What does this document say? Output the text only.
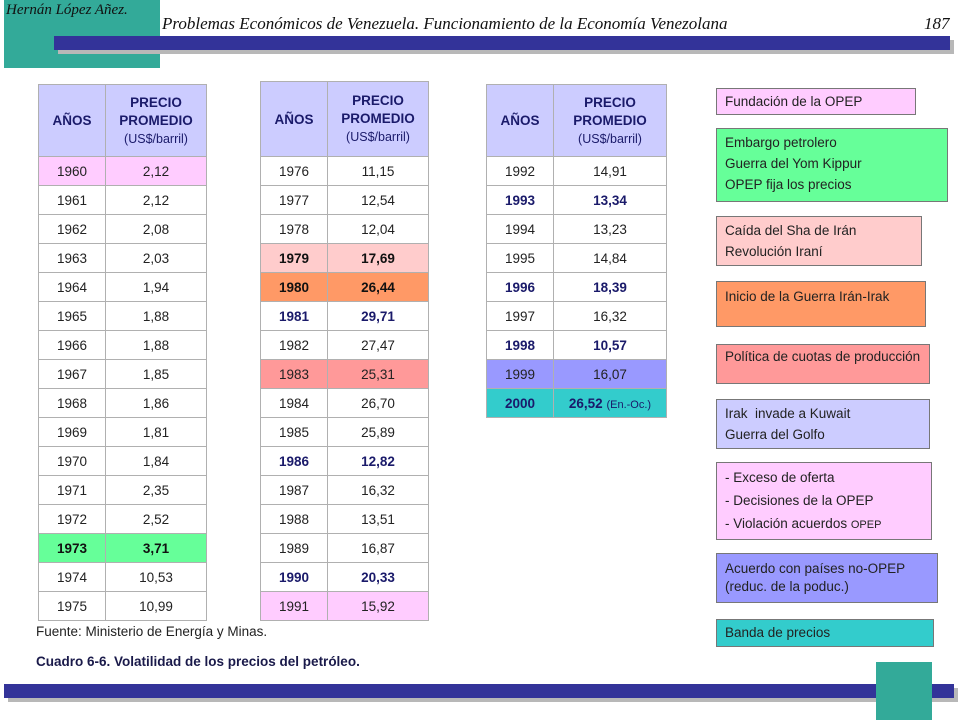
Hernán López Añez.
Problemas Económicos de Venezuela. Funcionamiento de la Economía Venezolana	187
AÑOS	PRECIO
PROMEDIO
(US$/barril)
1960	2,12
1961	2,12
1962	2,08
1963	2,03
1964	1,94
1965	1,88
1966	1,88
1967	1,85
1968	1,86
1969	1,81
1970	1,84
1971	2,35
1972	2,52
1973	3,71
1974	10,53
1975	10,99
AÑOS	PRECIO
PROMEDIO
(US$/barril)
1976	11,15
1977	12,54
1978	12,04
1979	17,69
1980	26,44
1981	29,71
1982	27,47
1983	25,31
1984	26,70
1985	25,89
1986	12,82
1987	16,32
1988	13,51
1989	16,87
1990	20,33
1991	15,92
AÑOS	PRECIO
PROMEDIO
(US$/barril)
1992	14,91
1993	13,34
1994	13,23
1995	14,84
1996	18,39
1997	16,32
1998	10,57
1999	16,07
2000	26,52 (En.-Oc.)
Fundación de la OPEP
Embargo petrolero
Guerra del Yom Kippur
OPEP fija los precios
Caída del Sha de Irán
Revolución Iraní
Inicio de la Guerra Irán-Irak
Política de cuotas de producción
Irak  invade a Kuwait
Guerra del Golfo
- Exceso de oferta
- Decisiones de la OPEP
- Violación acuerdos OPEP
Acuerdo con países no-OPEP (reduc. de la poduc.)
Banda de precios
Fuente: Ministerio de Energía y Minas.
Cuadro 6-6. Volatilidad de los precios del petróleo.
